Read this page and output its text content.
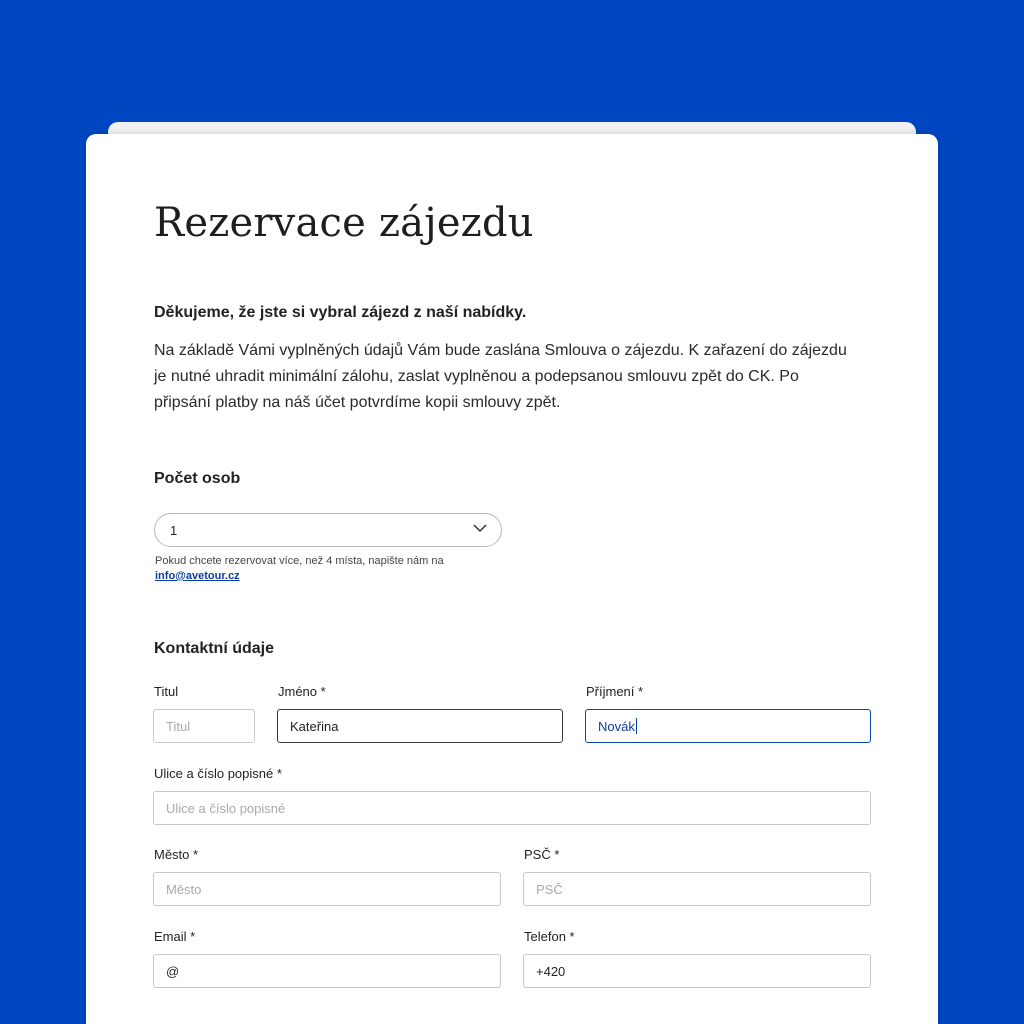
Rezervace zájezdu

Děkujeme, že jste si vybral zájezd z naší nabídky.

Na základě Vámi vyplněných údajů Vám bude zaslána Smlouva o zájezdu. K zařazení do zájezdu je nutné uhradit minimální zálohu, zaslat vyplněnou a podepsanou smlouvu zpět do CK. Po připsání platby na náš účet potvrdíme kopii smlouvy zpět.

Počet osob
1
Pokud chcete rezervovat více, než 4 místa, napište nám na
info@avetour.cz
Kontaktní údaje
Titul
Titul
Jméno *
Kateřina
Příjmení *
Novák
Ulice a číslo popisné *
Ulice a číslo popisné
Město *
Město
PSČ *
PSČ
Email *
@
Telefon *
+420
